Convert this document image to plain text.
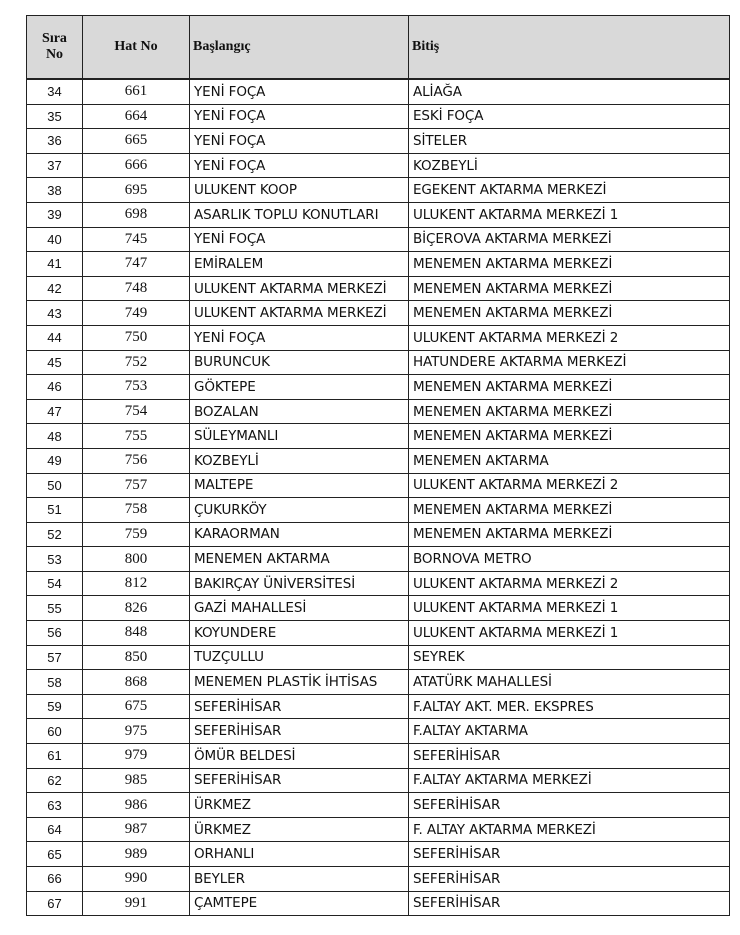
Sıra
No	Hat No	Başlangıç	Bitiş
34	661	YENİ FOÇA	ALİAĞA
35	664	YENİ FOÇA	ESKİ FOÇA
36	665	YENİ FOÇA	SİTELER
37	666	YENİ FOÇA	KOZBEYLİ
38	695	ULUKENT KOOP	EGEKENT AKTARMA MERKEZİ
39	698	ASARLIK TOPLU KONUTLARI	ULUKENT AKTARMA MERKEZİ 1
40	745	YENİ FOÇA	BİÇEROVA AKTARMA MERKEZİ
41	747	EMİRALEM	MENEMEN AKTARMA MERKEZİ
42	748	ULUKENT AKTARMA MERKEZİ	MENEMEN AKTARMA MERKEZİ
43	749	ULUKENT AKTARMA MERKEZİ	MENEMEN AKTARMA MERKEZİ
44	750	YENİ FOÇA	ULUKENT AKTARMA MERKEZİ 2
45	752	BURUNCUK	HATUNDERE AKTARMA MERKEZİ
46	753	GÖKTEPE	MENEMEN AKTARMA MERKEZİ
47	754	BOZALAN	MENEMEN AKTARMA MERKEZİ
48	755	SÜLEYMANLI	MENEMEN AKTARMA MERKEZİ
49	756	KOZBEYLİ	MENEMEN AKTARMA
50	757	MALTEPE	ULUKENT AKTARMA MERKEZİ 2
51	758	ÇUKURKÖY	MENEMEN AKTARMA MERKEZİ
52	759	KARAORMAN	MENEMEN AKTARMA MERKEZİ
53	800	MENEMEN AKTARMA	BORNOVA METRO
54	812	BAKIRÇAY ÜNİVERSİTESİ	ULUKENT AKTARMA MERKEZİ 2
55	826	GAZİ MAHALLESİ	ULUKENT AKTARMA MERKEZİ 1
56	848	KOYUNDERE	ULUKENT AKTARMA MERKEZİ 1
57	850	TUZÇULLU	SEYREK
58	868	MENEMEN PLASTİK İHTİSAS	ATATÜRK MAHALLESİ
59	675	SEFERİHİSAR	F.ALTAY AKT. MER. EKSPRES
60	975	SEFERİHİSAR	F.ALTAY AKTARMA
61	979	ÖMÜR BELDESİ	SEFERİHİSAR
62	985	SEFERİHİSAR	F.ALTAY AKTARMA MERKEZİ
63	986	ÜRKMEZ	SEFERİHİSAR
64	987	ÜRKMEZ	F. ALTAY AKTARMA MERKEZİ
65	989	ORHANLI	SEFERİHİSAR
66	990	BEYLER	SEFERİHİSAR
67	991	ÇAMTEPE	SEFERİHİSAR
